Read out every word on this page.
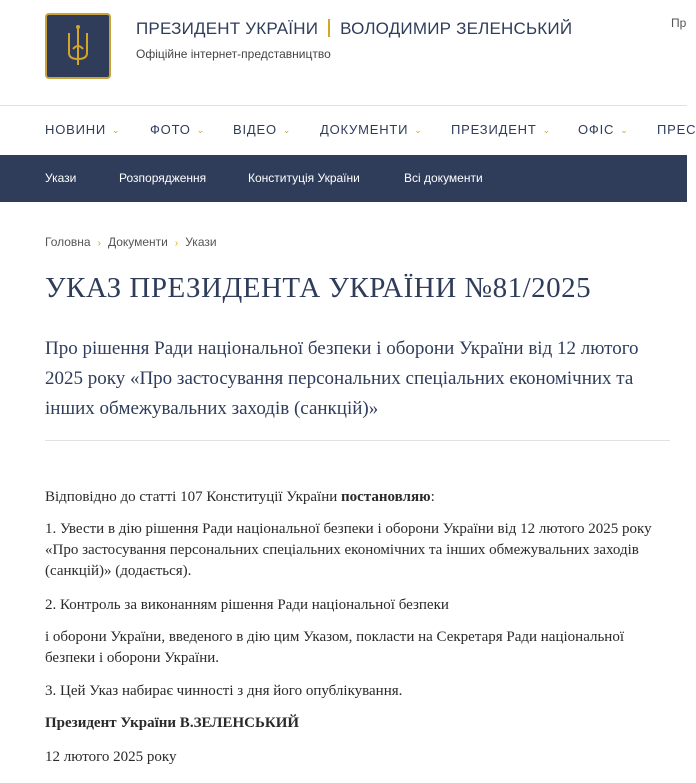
ПРЕЗИДЕНТ УКРАЇНИ ВОЛОДИМИР ЗЕЛЕНСЬКИЙ
Офіційне інтернет-представництво
Пр
НОВИНИ ⌄ ФОТО ⌄ ВІДЕО ⌄ ДОКУМЕНТИ ⌄ ПРЕЗИДЕНТ ⌄ ОФІС ⌄ ПРЕС
Укази	Розпорядження	Конституція України	Всі документи
Головна › Документи › Укази
УКАЗ ПРЕЗИДЕНТА УКРАЇНИ №81/2025
Про рішення Ради національної безпеки і оборони України від 12 лютого 2025 року «Про застосування персональних спеціальних економічних та інших обмежувальних заходів (санкцій)»
Відповідно до статті 107 Конституції України постановляю:
1. Увести в дію рішення Ради національної безпеки і оборони України від 12 лютого 2025 року «Про застосування персональних спеціальних економічних та інших обмежувальних заходів (санкцій)» (додається).
2. Контроль за виконанням рішення Ради національної безпеки
і оборони України, введеного в дію цим Указом, покласти на Секретаря Ради національної безпеки і оборони України.
3. Цей Указ набирає чинності з дня його опублікування.
Президент України В.ЗЕЛЕНСЬКИЙ
12 лютого 2025 року
